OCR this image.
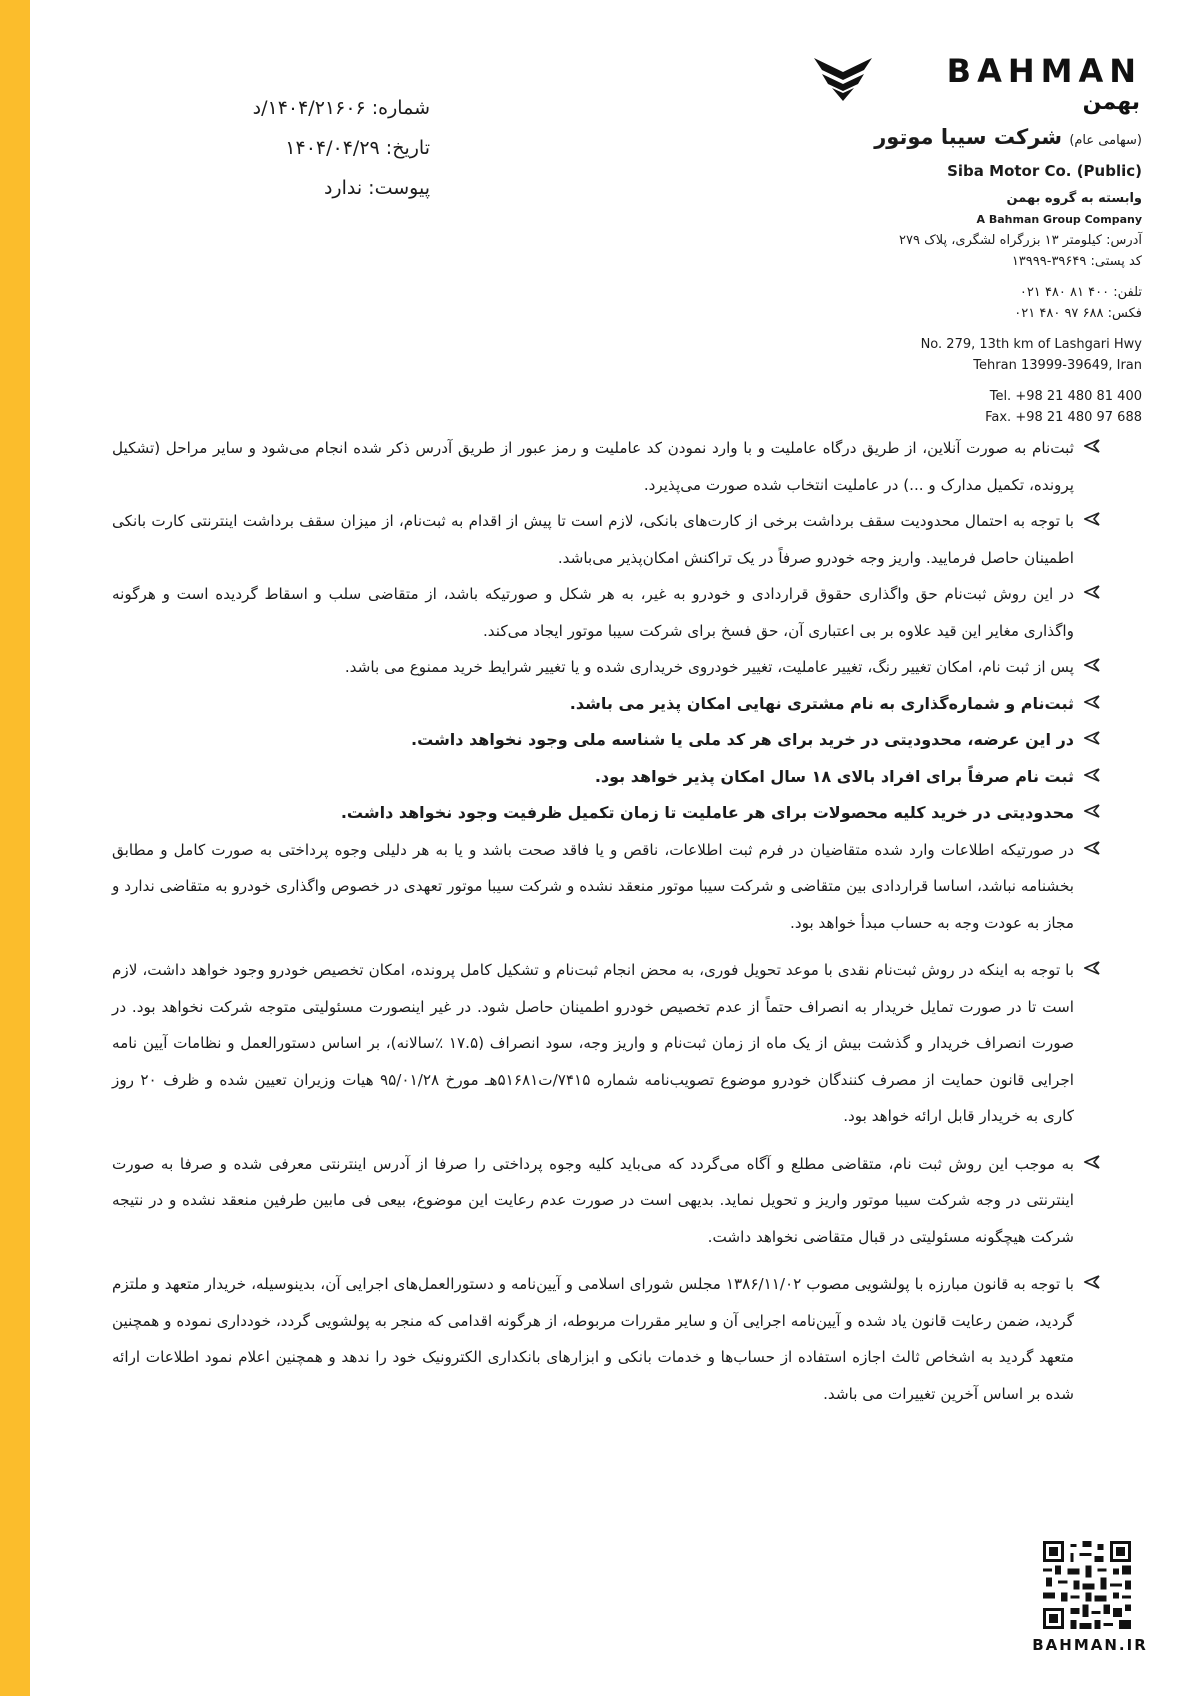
شماره: ۱۴۰۴/۲۱۶۰۶/د
تاریخ: ۱۴۰۴/۰۴/۲۹
پیوست: ندارد
BAHMAN
بهمن
(سهامی عام) شرکت سیبا موتور
Siba Motor Co. (Public)
وابسته به گروه بهمن
A Bahman Group Company
آدرس: کیلومتر ۱۳ بزرگراه لشگری، پلاک ۲۷۹
کد پستی: ۳۹۶۴۹-۱۳۹۹۹
تلفن: ۴۰۰ ۸۱ ۴۸۰ ۰۲۱
فکس: ۶۸۸ ۹۷ ۴۸۰ ۰۲۱
No. 279, 13th km of Lashgari Hwy
Tehran 13999-39649, Iran
Tel. +98 21 480 81 400
Fax. +98 21 480 97 688
ثبت‌نام به صورت آنلاین، از طریق درگاه عاملیت و با وارد نمودن کد عاملیت و رمز عبور از طریق آدرس ذکر شده انجام می‌شود و سایر مراحل (تشکیل پرونده، تکمیل مدارک و ...) در عاملیت انتخاب شده صورت می‌پذیرد.
با توجه به احتمال محدودیت سقف برداشت برخی از کارت‌های بانکی، لازم است تا پیش از اقدام به ثبت‌نام، از میزان سقف برداشت اینترنتی کارت بانکی اطمینان حاصل فرمایید. واریز وجه خودرو صرفاً در یک تراکنش امکان‌پذیر می‌باشد.
در این روش ثبت‌نام حق واگذاری حقوق قراردادی و خودرو به غیر، به هر شکل و صورتیکه باشد، از متقاضی سلب و اسقاط گردیده است و هرگونه واگذاری مغایر این قید علاوه بر بی اعتباری آن، حق فسخ برای شرکت سیبا موتور ایجاد می‌کند.
پس از ثبت نام، امکان تغییر رنگ، تغییر عاملیت، تغییر خودروی خریداری شده و یا تغییر شرایط خرید ممنوع می باشد.
ثبت‌نام و شماره‌گذاری به نام مشتری نهایی امکان پذیر می باشد.
در این عرضه، محدودیتی در خرید برای هر کد ملی یا شناسه ملی وجود نخواهد داشت.
ثبت نام صرفاً برای افراد بالای ۱۸ سال امکان پذیر خواهد بود.
محدودیتی در خرید کلیه محصولات برای هر عاملیت تا زمان تکمیل ظرفیت وجود نخواهد داشت.
در صورتیکه اطلاعات وارد شده متقاضیان در فرم ثبت اطلاعات، ناقص و یا فاقد صحت باشد و یا به هر دلیلی وجوه پرداختی به صورت کامل و مطابق بخشنامه نباشد، اساسا قراردادی بین متقاضی و شرکت سیبا موتور منعقد نشده و شرکت سیبا موتور تعهدی در خصوص واگذاری خودرو به متقاضی ندارد و مجاز به عودت وجه به حساب مبدأ خواهد بود.
با توجه به اینکه در روش ثبت‌نام نقدی با موعد تحویل فوری، به محض انجام ثبت‌نام و تشکیل کامل پرونده، امکان تخصیص خودرو وجود خواهد داشت، لازم است تا در صورت تمایل خریدار به انصراف حتماً از عدم تخصیص خودرو اطمینان حاصل شود. در غیر اینصورت مسئولیتی متوجه شرکت نخواهد بود. در صورت انصراف خریدار و گذشت بیش از یک ماه از زمان ثبت‌نام و واریز وجه، سود انصراف (۱۷.۵ ٪سالانه)، بر اساس دستورالعمل و نظامات آیین نامه اجرایی قانون حمایت از مصرف کنندگان خودرو موضوع تصویب‌نامه شماره ۷۴۱۵/ت۵۱۶۸۱هـ مورخ ۹۵/۰۱/۲۸ هیات وزیران تعیین شده و ظرف ۲۰ روز کاری به خریدار قابل ارائه خواهد بود.
به موجب این روش ثبت نام، متقاضی مطلع و آگاه می‌گردد که می‌باید کلیه وجوه پرداختی را صرفا از آدرس اینترنتی معرفی شده و صرفا به صورت اینترنتی در وجه شرکت سیبا موتور واریز و تحویل نماید. بدیهی است در صورت عدم رعایت این موضوع، بیعی فی مابین طرفین منعقد نشده و در نتیجه شرکت هیچگونه مسئولیتی در قبال متقاضی نخواهد داشت.
با توجه به قانون مبارزه با پولشویی مصوب ۱۳۸۶/۱۱/۰۲ مجلس شورای اسلامی و آیین‌نامه و دستورالعمل‌های اجرایی آن، بدینوسیله، خریدار متعهد و ملتزم گردید، ضمن رعایت قانون یاد شده و آیین‌نامه اجرایی آن و سایر مقررات مربوطه، از هرگونه اقدامی که منجر به پولشویی گردد، خودداری نموده و همچنین متعهد گردید به اشخاص ثالث اجازه استفاده از حساب‌ها و خدمات بانکی و ابزارهای بانکداری الکترونیک خود را ندهد و همچنین اعلام نمود اطلاعات ارائه شده بر اساس آخرین تغییرات می باشد.
BAHMAN.IR
